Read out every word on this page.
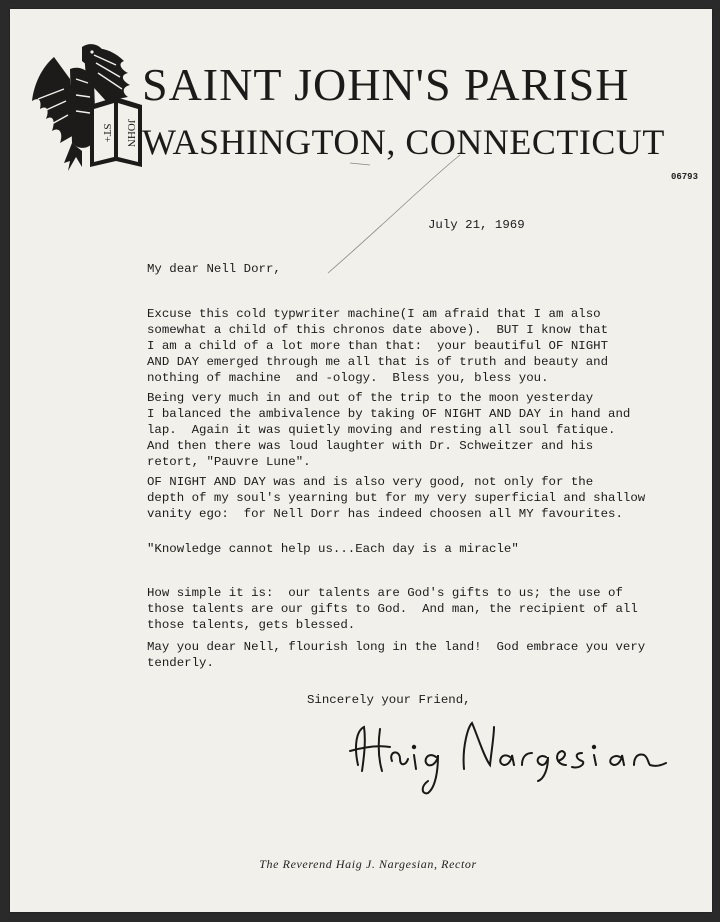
ST+ JOHN
SAINT JOHN'S PARISH
WASHINGTON, CONNECTICUT
06793
July 21, 1969
My dear Nell Dorr,
Excuse this cold typwriter machine(I am afraid that I am also
somewhat a child of this chronos date above).  BUT I know that
I am a child of a lot more than that:  your beautiful OF NIGHT
AND DAY emerged through me all that is of truth and beauty and
nothing of machine  and -ology.  Bless you, bless you.
Being very much in and out of the trip to the moon yesterday
I balanced the ambivalence by taking OF NIGHT AND DAY in hand and
lap.  Again it was quietly moving and resting all soul fatique.
And then there was loud laughter with Dr. Schweitzer and his
retort, "Pauvre Lune".
OF NIGHT AND DAY was and is also very good, not only for the
depth of my soul's yearning but for my very superficial and shallow
vanity ego:  for Nell Dorr has indeed choosen all MY favourites.
"Knowledge cannot help us...Each day is a miracle"
How simple it is:  our talents are God's gifts to us; the use of
those talents are our gifts to God.  And man, the recipient of all
those talents, gets blessed.
May you dear Nell, flourish long in the land!  God embrace you very
tenderly.
Sincerely your Friend,
The Reverend Haig J. Nargesian, Rector
